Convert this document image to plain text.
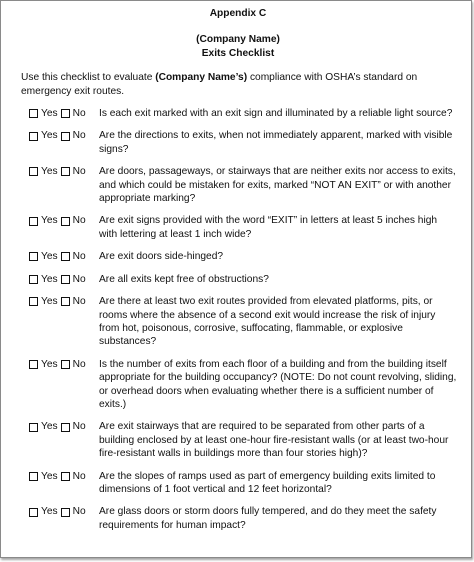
Appendix C

(Company Name)

Exits Checklist

Use this checklist to evaluate (Company Name’s) compliance with OSHA’s standard on emergency exit routes.

Yes No	Is each exit marked with an exit sign and illuminated by a reliable light source?
Yes No	Are the directions to exits, when not immediately apparent, marked with visible signs?
Yes No	Are doors, passageways, or stairways that are neither exits nor access to exits, and which could be mistaken for exits, marked “NOT AN EXIT” or with another appropriate marking?
Yes No	Are exit signs provided with the word “EXIT” in letters at least 5 inches high with lettering at least 1 inch wide?
Yes No	Are exit doors side-hinged?
Yes No	Are all exits kept free of obstructions?
Yes No	Are there at least two exit routes provided from elevated platforms, pits, or rooms where the absence of a second exit would increase the risk of injury from hot, poisonous, corrosive, suffocating, flammable, or explosive substances?
Yes No	Is the number of exits from each floor of a building and from the building itself appropriate for the building occupancy? (NOTE: Do not count revolving, sliding, or overhead doors when evaluating whether there is a sufficient number of exits.)
Yes No	Are exit stairways that are required to be separated from other parts of a building enclosed by at least one-hour fire-resistant walls (or at least two-hour fire-resistant walls in buildings more than four stories high)?
Yes No	Are the slopes of ramps used as part of emergency building exits limited to dimensions of 1 foot vertical and 12 feet horizontal?
Yes No	Are glass doors or storm doors fully tempered, and do they meet the safety requirements for human impact?
